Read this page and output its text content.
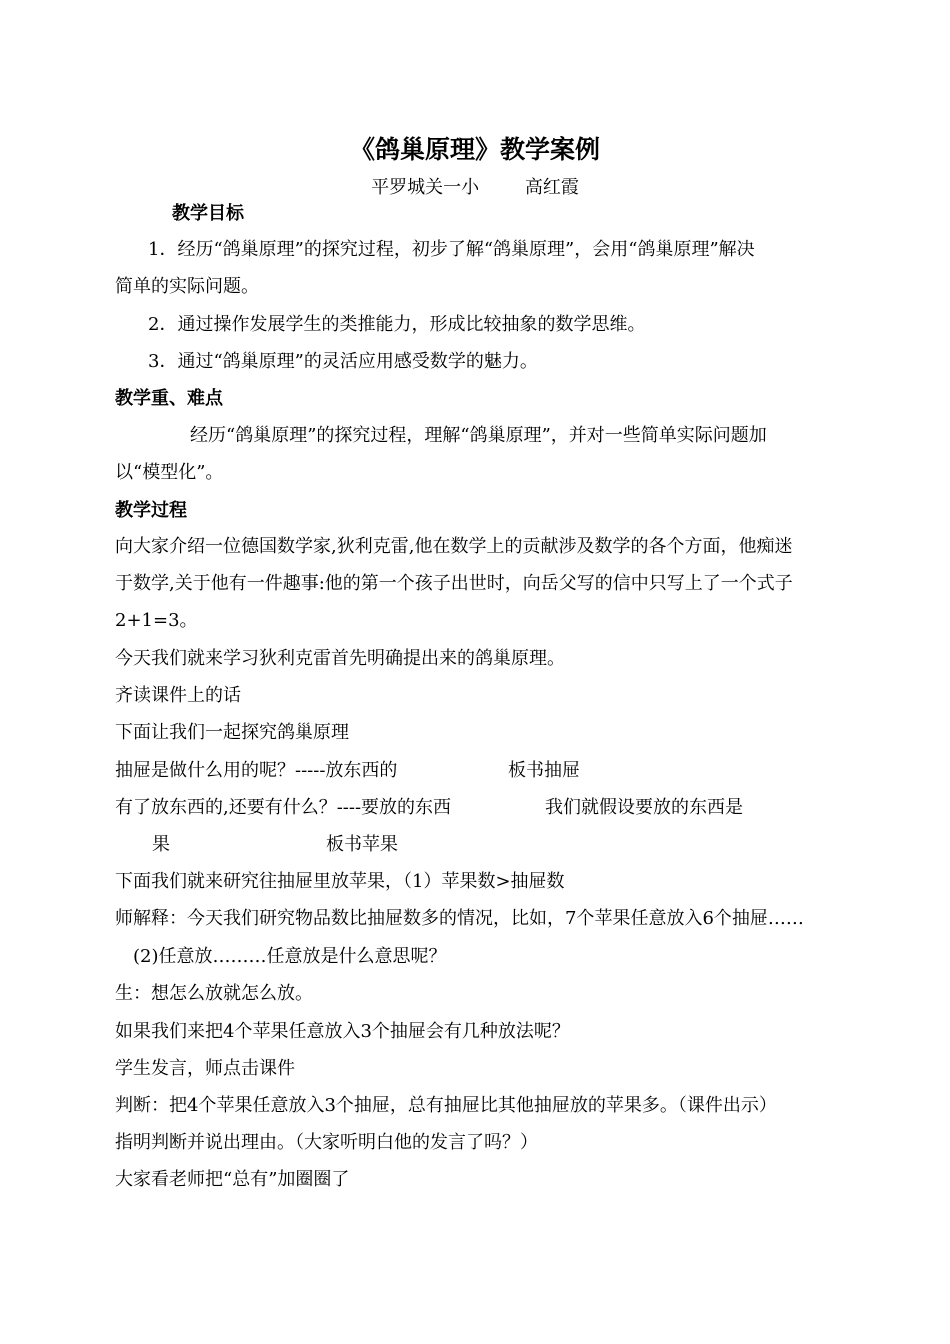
《鸽巢原理》教学案例
平罗城关一小        高红霞
教学目标
1．经历“鸽巢原理”的探究过程，初步了解“鸽巢原理”，会用“鸽巢原理”解决
简单的实际问题。
2．通过操作发展学生的类推能力，形成比较抽象的数学思维。
3．通过“鸽巢原理”的灵活应用感受数学的魅力。
教学重、难点
经历“鸽巢原理”的探究过程，理解“鸽巢原理”，并对一些简单实际问题加
以“模型化”。
教学过程
向大家介绍一位德国数学家,狄利克雷,他在数学上的贡献涉及数学的各个方面，他痴迷
于数学,关于他有一件趣事:他的第一个孩子出世时，向岳父写的信中只写上了一个式子
2+1=3。
今天我们就来学习狄利克雷首先明确提出来的鸽巢原理。
齐读课件上的话
下面让我们一起探究鸽巢原理
抽屉是做什么用的呢？-----放东西的	板书抽屉
有了放东西的,还要有什么？----要放的东西	我们就假设要放的东西是
果	板书苹果
下面我们就来研究往抽屉里放苹果，（1）苹果数>抽屉数
师解释：今天我们研究物品数比抽屉数多的情况，比如，7个苹果任意放入6个抽屉……
(2)任意放………任意放是什么意思呢？
生：想怎么放就怎么放。
如果我们来把4个苹果任意放入3个抽屉会有几种放法呢？
学生发言，师点击课件
判断：把4个苹果任意放入3个抽屉，总有抽屉比其他抽屉放的苹果多。（课件出示）
指明判断并说出理由。（大家听明白他的发言了吗？）
大家看老师把“总有”加圈圈了
